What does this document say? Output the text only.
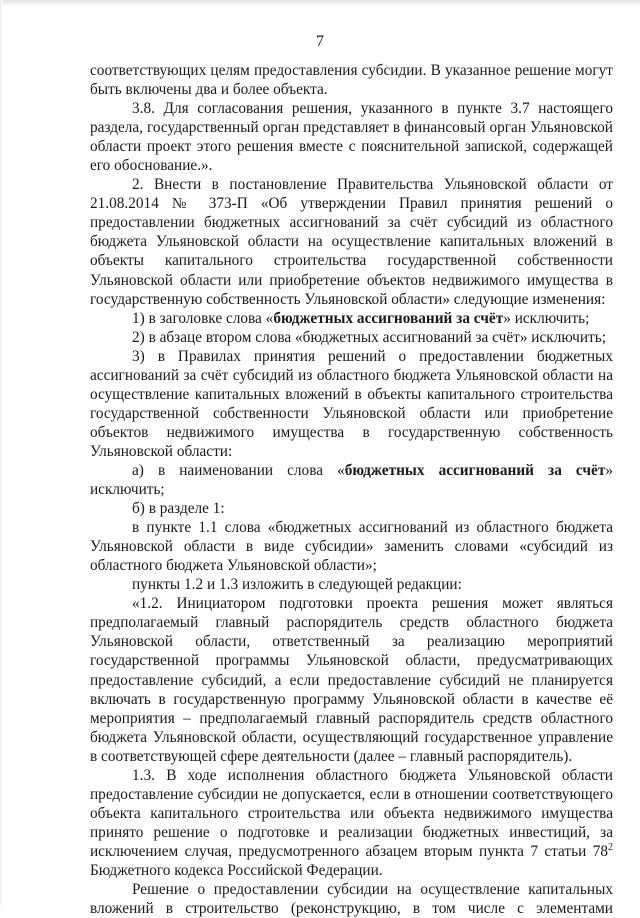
7

соответствующих целям предоставления субсидии. В указанное решение могут быть включены два и более объекта.

3.8. Для согласования решения, указанного в пункте 3.7 настоящего раздела, государственный орган представляет в финансовый орган Ульяновской области проект этого решения вместе с пояснительной запиской, содержащей его обоснование.».

2. Внести в постановление Правительства Ульяновской области от 21.08.2014 № 373-П «Об утверждении Правил принятия решений о предоставлении бюджетных ассигнований за счёт субсидий из областного бюджета Ульяновской области на осуществление капитальных вложений в объекты капитального строительства государственной собственности Ульяновской области или приобретение объектов недвижимого имущества в государственную собственность Ульяновской области» следующие изменения:

1) в заголовке слова «бюджетных ассигнований за счёт» исключить;

2) в абзаце втором слова «бюджетных ассигнований за счёт» исключить;

3) в Правилах принятия решений о предоставлении бюджетных ассигнований за счёт субсидий из областного бюджета Ульяновской области на осуществление капитальных вложений в объекты капитального строительства государственной собственности Ульяновской области или приобретение объектов недвижимого имущества в государственную собственность Ульяновской области:

а) в наименовании слова «бюджетных ассигнований за счёт» исключить;

б) в разделе 1:

в пункте 1.1 слова «бюджетных ассигнований из областного бюджета Ульяновской области в виде субсидии» заменить словами «субсидий из областного бюджета Ульяновской области»;

пункты 1.2 и 1.3 изложить в следующей редакции:

«1.2. Инициатором подготовки проекта решения может являться предполагаемый главный распорядитель средств областного бюджета Ульяновской области, ответственный за реализацию мероприятий государственной программы Ульяновской области, предусматривающих предоставление субсидий, а если предоставление субсидий не планируется включать в государственную программу Ульяновской области в качестве её мероприятия – предполагаемый главный распорядитель средств областного бюджета Ульяновской области, осуществляющий государственное управление в соответствующей сфере деятельности (далее – главный распорядитель).

1.3. В ходе исполнения областного бюджета Ульяновской области предоставление субсидии не допускается, если в отношении соответствующего объекта капитального строительства или объекта недвижимого имущества принято решение о подготовке и реализации бюджетных инвестиций, за исключением случая, предусмотренного абзацем вторым пункта 7 статьи $78^2$ Бюджетного кодекса Российской Федерации.

Решение о предоставлении субсидии на осуществление капитальных вложений в строительство (реконструкцию, в том числе с элементами
